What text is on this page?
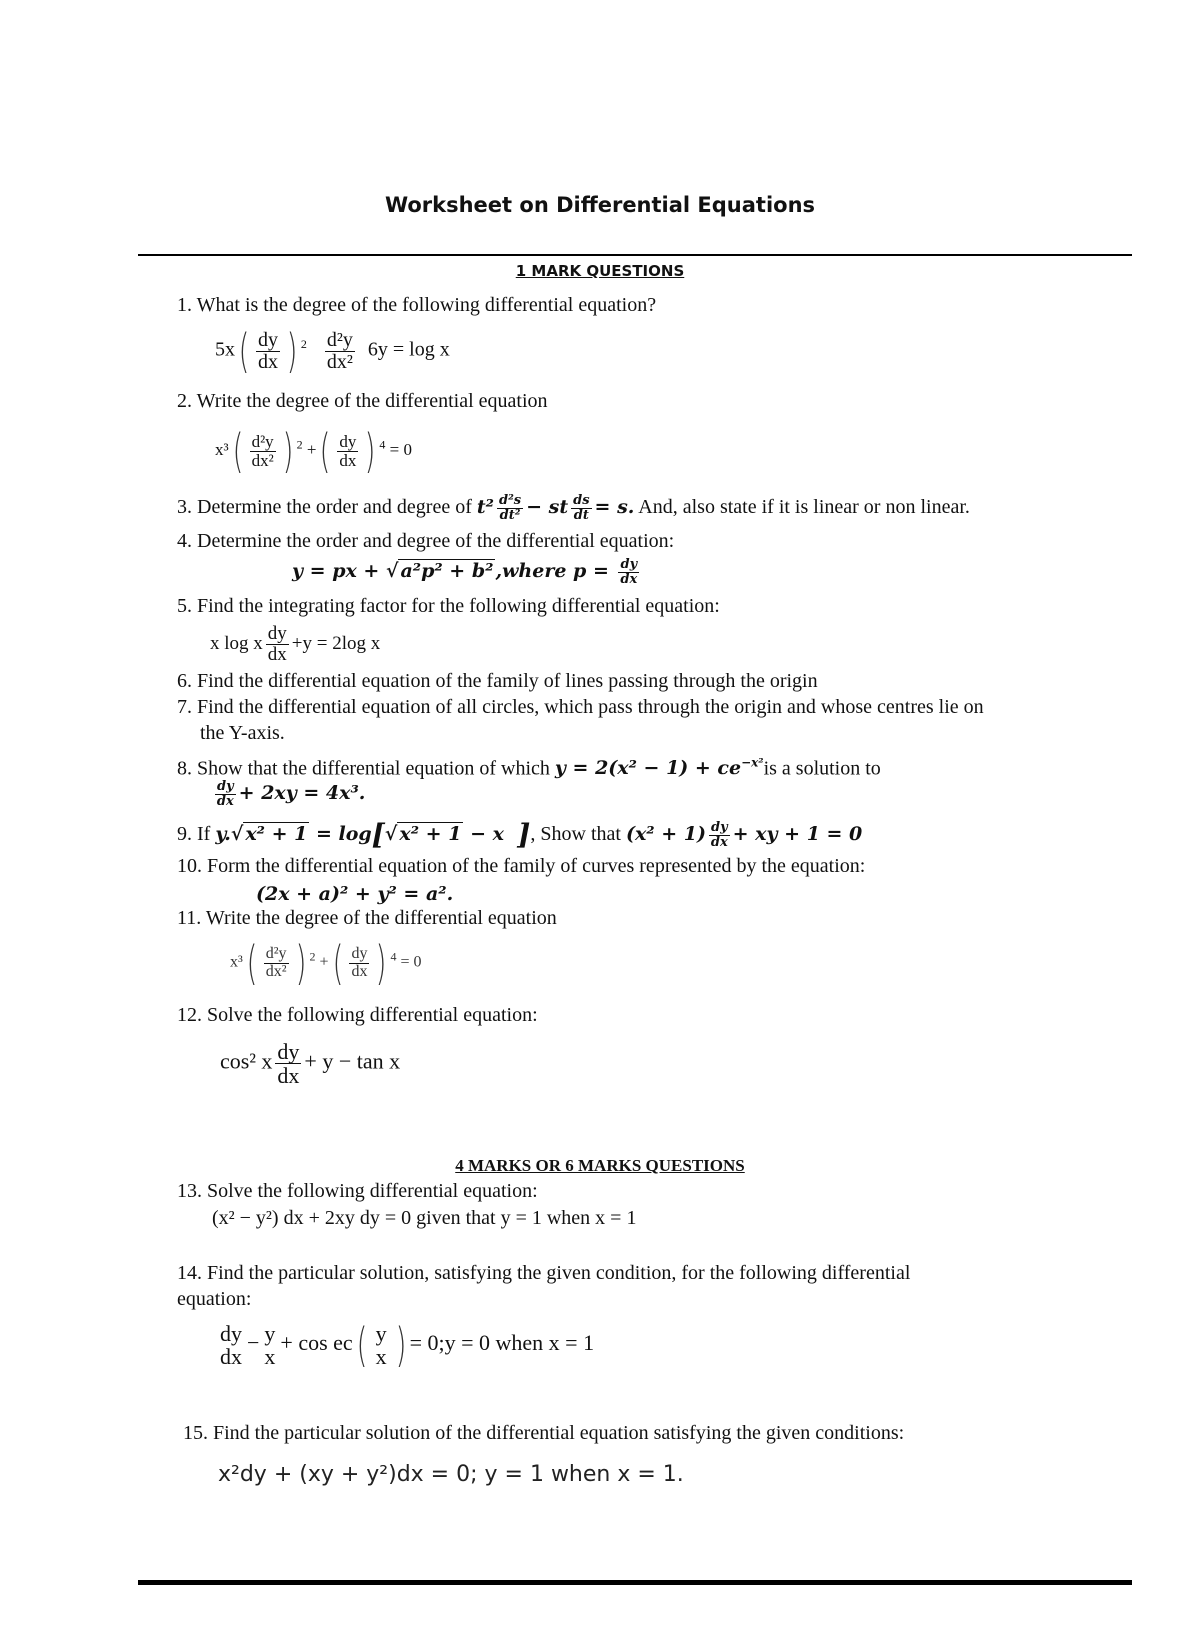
Worksheet on Differential Equations
1 MARK QUESTIONS
1. What is the degree of the following differential equation?
$5x( \frac{dy}{dx}$ ) $^2 \frac{\text{d²y}}{\text{dx²}} 6y = \log x$
2. Write the degree of the differential equation
$x^3( \frac{\text{d²y}}{\text{dx²}}$ ) $^2$ +( $\frac{dy}{dx}$ ) $^4$ = 0
3. Determine the order and degree of $t^2 \frac{\text{d²s}}{\text{dt²}}$ − st $\frac{ds}{dt} = s$. And, also state if it is linear or non linear.
4. Determine the order and degree of the differential equation:
y = px + √ a²p² + b² ,where $p = \frac{dy}{dx}$
5. Find the integrating factor for the following differential equation:
x log x $\frac{dy}{dx} +y = 2\log$ x
6. Find the differential equation of the family of lines passing through the origin
7. Find the differential equation of all circles, which pass through the origin and whose centres lie on
the Y-axis.
8. Show that the differential equation of which $y = 2(x^2 - 1) + ce^{-x^2}is$ a solution to
$\frac{dy}{dx} + 2xy = 4x^3$.
9. If y.√ x² + 1 = log[√ x² + 1 − x ], Show that $(x^2 + 1) \frac{dy}{dx}$ + xy + 1 = 0
10. Form the differential equation of the family of curves represented by the equation:
(2x + a)² + y² = a².
11. Write the degree of the differential equation
$x^3( \frac{\text{d²y}}{\text{dx²}}$ ) $^2$ +( $\frac{dy}{dx}$ ) $^4$ = 0
12. Solve the following differential equation:
cos² x $\frac{dy}{dx} + y - \tan x$
4 MARKS OR 6 MARKS QUESTIONS
13. Solve the following differential equation:
(x² − y²) dx + 2xy dy = 0 given that y = 1 when x = 1
14. Find the particular solution, satisfying the given condition, for the following differential
equation:
dy
dx
− y
x
+ cos ec( y
x ) = 0;y = 0 when x = 1
15. Find the particular solution of the differential equation satisfying the given conditions:
x²dy + (xy + y²)dx = 0; y = 1 when x = 1.
